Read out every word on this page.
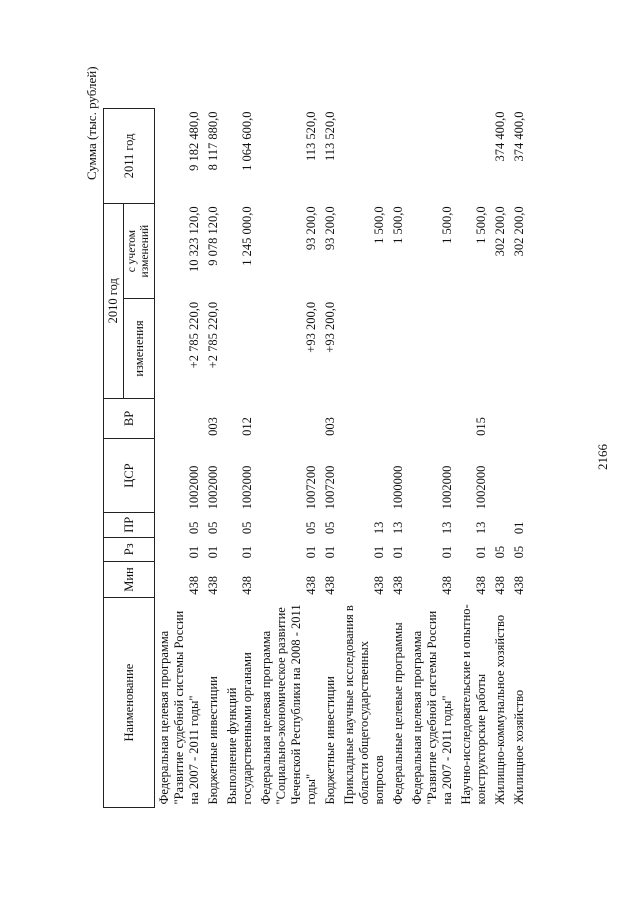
2166
Сумма (тыс. рублей)
Наименование	Мин	Рз	ПР	ЦСР	ВР	2010 год		2011 год
						изменения	с учетом изменений	
Федеральная целевая программа "Развитие судебной системы России на 2007 - 2011 годы"	438	01	05	1002000		+2 785 220,0	10 323 120,0	9 182 480,0
Бюджетные инвестиции	438	01	05	1002000	003	+2 785 220,0	9 078 120,0	8 117 880,0
Выполнение функций государственными органами	438	01	05	1002000	012		1 245 000,0	1 064 600,0
Федеральная целевая программа "Социально-экономическое развитие Чеченской Республики на 2008 - 2011 годы"	438	01	05	1007200		+93 200,0	93 200,0	113 520,0
Бюджетные инвестиции	438	01	05	1007200	003	+93 200,0	93 200,0	113 520,0
Прикладные научные исследования в области общегосударственных вопросов	438	01	13				1 500,0	
Федеральные целевые программы	438	01	13	1000000			1 500,0	
Федеральная целевая программа "Развитие судебной системы России на 2007 - 2011 годы"	438	01	13	1002000			1 500,0	
Научно-исследовательские и опытно-конструкторские работы	438	01	13	1002000	015		1 500,0	
Жилищно-коммунальное хозяйство	438	05					302 200,0	374 400,0
Жилищное хозяйство	438	05	01				302 200,0	374 400,0
